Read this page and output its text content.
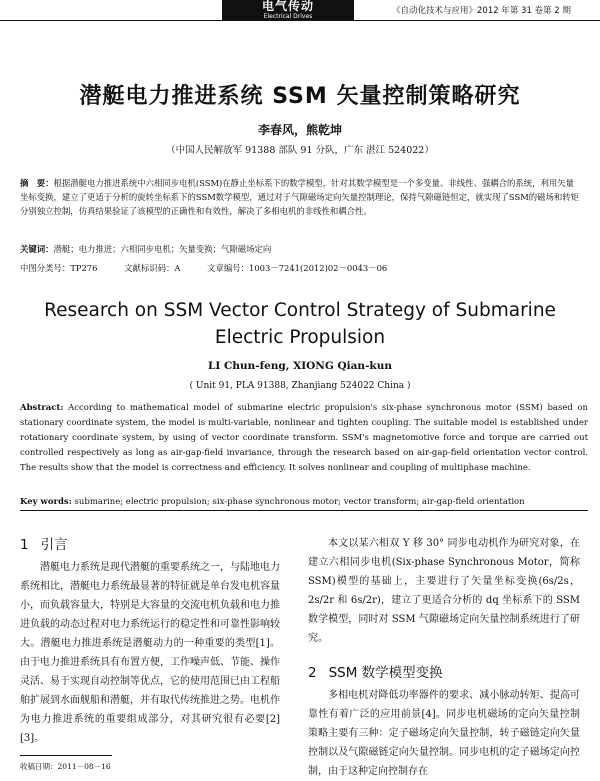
电气传动
Electrical Drives
《自动化技术与应用》2012 年第 31 卷第 2 期
潜艇电力推进系统 SSM 矢量控制策略研究
李春风，熊乾坤
（中国人民解放军 91388 部队 91 分队，广东 湛江 524022）
摘　要：根据潜艇电力推进系统中六相同步电机(SSM)在静止坐标系下的数学模型，针对其数学模型是一个多变量、非线性、强耦合的系统，利用矢量坐标变换，建立了更适于分析的旋转坐标系下的SSM数学模型，通过对于气隙磁场定向矢量控制理论，保持气隙磁链恒定，就实现了SSM的磁场和转矩分别独立控制，仿真结果验证了该模型的正确性和有效性，解决了多相电机的非线性和耦合性。
关键词：潜艇；电力推进；六相同步电机；矢量变换；气隙磁场定向
中图分类号：TP276	文献标识码：A	文章编号：1003－7241(2012)02－0043－06
Research on SSM Vector Control Strategy of Submarine Electric Propulsion
LI Chun-feng, XIONG Qian-kun
( Unit 91, PLA 91388, Zhanjiang 524022 China )
Abstract: According to mathematical model of submarine electric propulsion's six-phase synchronous motor (SSM) based on stationary coordinate system, the model is multi-variable, nonlinear and tighten coupling. The suitable model is established under rotationary coordinate system, by using of vector coordinate transform. SSM's magnetomotive force and torque are carried out controlled respectively as long as air-gap-field invariance, through the research based on air-gap-field orientation vector control. The results show that the model is correctness and efficiency. It solves nonlinear and coupling of multiphase machine.
Key words: submarine; electric propulsion; six-phase synchronous motor; vector transform; air-gap-field orientation
1 引言

潜艇电力系统是现代潜艇的重要系统之一，与陆地电力系统相比，潜艇电力系统最显著的特征就是单台发电机容量小，而负载容量大，特别是大容量的交流电机负载和电力推进负载的动态过程对电力系统运行的稳定性和可靠性影响较大。潜艇电力推进系统是潜艇动力的一种重要的类型[1]。由于电力推进系统具有布置方便，工作噪声低、节能、操作灵活、易于实现自动控制等优点，它的使用范围已由工程船舶扩展到水面舰船和潜艇，并有取代传统推进之势。电机作为电力推进系统的重要组成部分，对其研究很有必要[2][3]。

本文以某六相双 Y 移 30° 同步电动机作为研究对象，在建立六相同步电机(Six-phase Synchronous Motor，简称SSM)模型的基础上，主要进行了矢量坐标变换(6s/2s，2s/2r 和 6s/2r)，建立了更适合分析的 dq 坐标系下的 SSM 数学模型，同时对 SSM 气隙磁场定向矢量控制系统进行了研究。

2 SSM 数学模型变换

多相电机对降低功率器件的要求、减小脉动转矩、提高可靠性有着广泛的应用前景[4]。同步电机磁场的定向矢量控制策略主要有三种：定子磁场定向矢量控制，转子磁链定向矢量控制以及气隙磁链定向矢量控制。同步电机的定子磁场定向控制，由于这种定向控制存在

收稿日期：2011－08－16
